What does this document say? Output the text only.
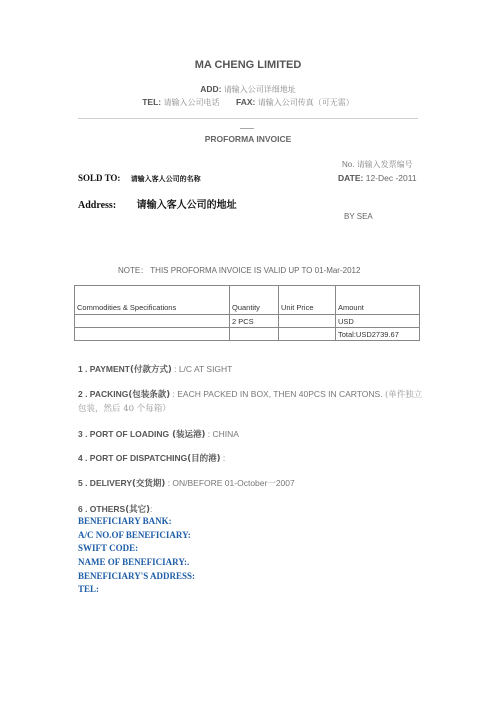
MA CHENG LIMITED
ADD: 请输入公司详细地址
TEL: 请输入公司电话 FAX: 请输入公司传真（可无需）
PROFORMA INVOICE
No. 请输入发票编号
SOLD TO: 请输入客人公司的名称	DATE: 12-Dec -2011
Address: 请输入客人公司的地址
BY SEA
NOTE： THIS PROFORMA INVOICE IS VALID UP TO 01-Mar-2012
Commodities & Specifications	Quantity	Unit Price	Amount
	2 PCS		USD
			Total:USD2739.67
1 . PAYMENT(付款方式) : L/C AT SIGHT
2 . PACKING(包装条款) : EACH PACKED IN BOX, THEN 40PCS IN CARTONS. (单件独立
包装，然后 40 个每箱）
3 . PORT OF LOADING (装运港) : CHINA
4 . PORT OF DISPATCHING(目的港) :
5 . DELIVERY(交货期) : ON/BEFORE 01-October一2007
6 . OTHERS(其它):
BENEFICIARY BANK:
A/C NO.OF BENEFICIARY:
SWIFT CODE:
NAME OF BENEFICIARY:.
BENEFICIARY'S ADDRESS:
TEL:
